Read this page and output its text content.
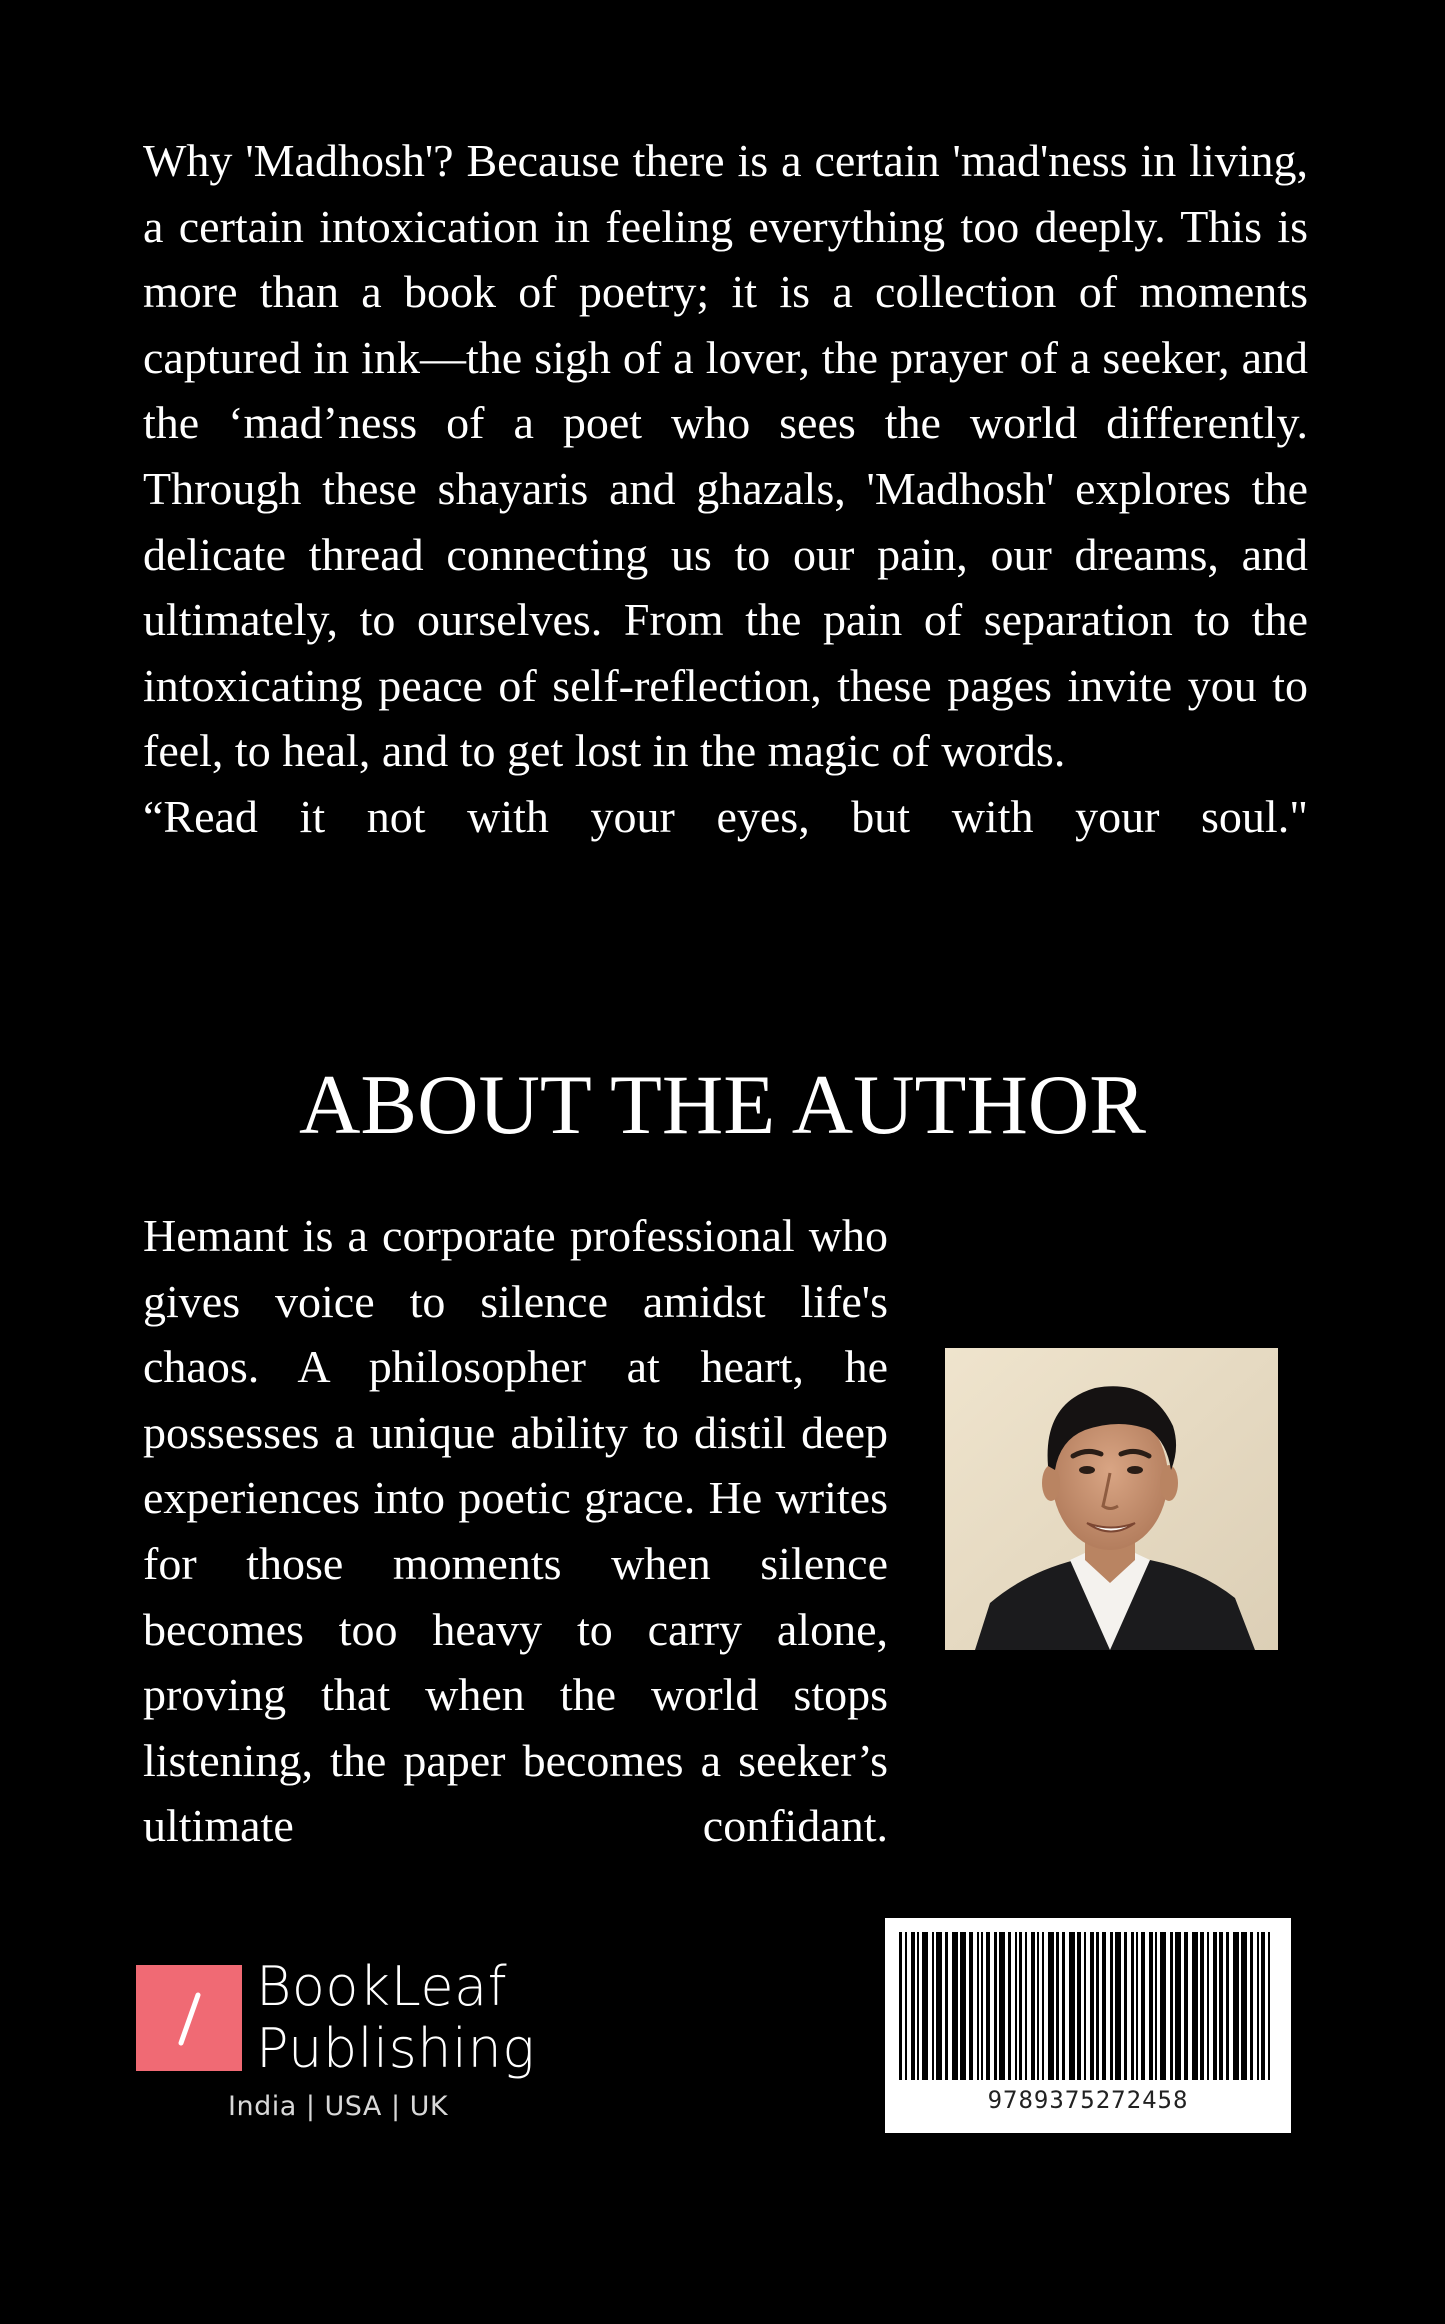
Why 'Madhosh'? Because there is a certain 'mad'ness in living, a certain intoxication in feeling everything too deeply. This is more than a book of poetry; it is a collection of moments captured in ink—the sigh of a lover, the prayer of a seeker, and the ‘mad’ness of a poet who sees the world differently. Through these shayaris and ghazals, 'Madhosh' explores the delicate thread connecting us to our pain, our dreams, and ultimately, to ourselves. From the pain of separation to the intoxicating peace of self-reflection, these pages invite you to feel, to heal, and to get lost in the magic of words.
“Read it not with your eyes, but with your soul."

ABOUT THE AUTHOR

Hemant is a corporate professional who gives voice to silence amidst life's chaos. A philosopher at heart, he possesses a unique ability to distil deep experiences into poetic grace. He writes for those moments when silence becomes too heavy to carry alone, proving that when the world stops listening, the paper becomes a seeker’s ultimate confidant.

BookLeaf
Publishing
India | USA | UK	9789375272458
